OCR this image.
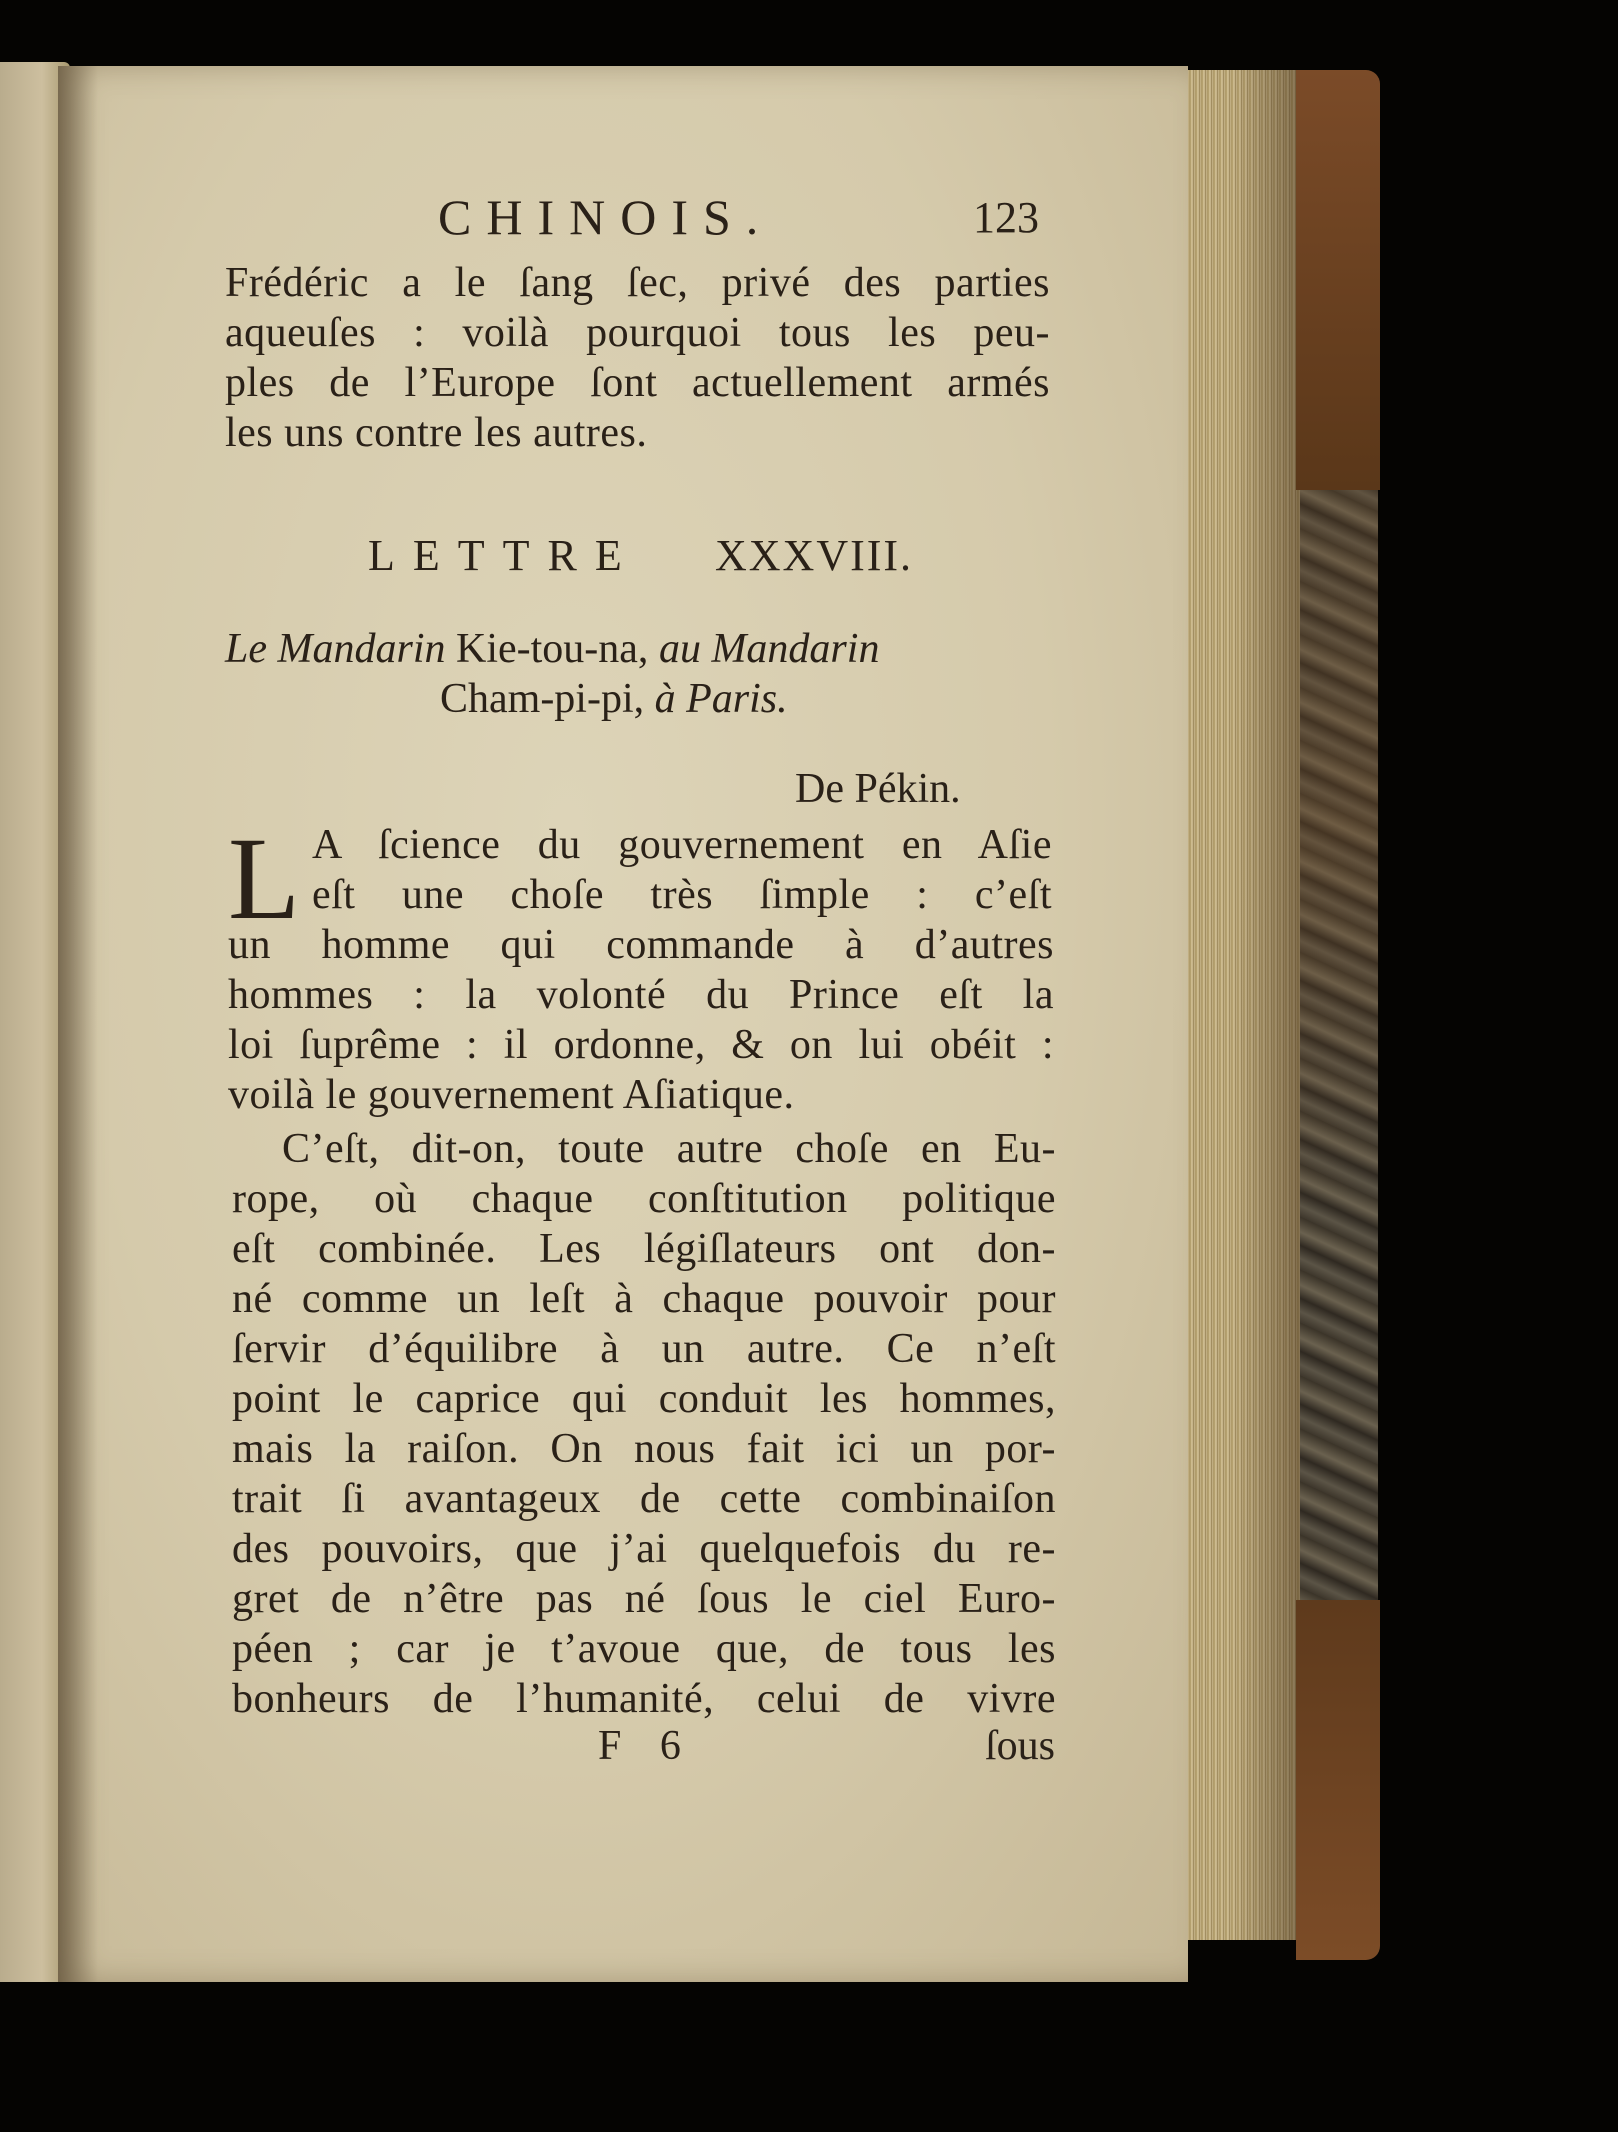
CHINOIS.	123
Frédéric a le ſang ſec, privé des parties
aqueuſes : voilà pourquoi tous les peu-
ples de l’Europe ſont actuellement armés
les uns contre les autres.
LETTRE XXXVIII.
Le Mandarin Kie-tou-na, au Mandarin
Cham-pi-pi, à Paris.
De Pékin.
L A ſcience du gouvernement en Aſie
eſt une choſe très ſimple : c’eſt
un homme qui commande à d’autres
hommes : la volonté du Prince eſt la
loi ſuprême : il ordonne, & on lui obéit :
voilà le gouvernement Aſiatique.
C’eſt, dit-on, toute autre choſe en Eu-
rope, où chaque conſtitution politique
eſt combinée. Les légiſlateurs ont don-
né comme un leſt à chaque pouvoir pour
ſervir d’équilibre à un autre. Ce n’eſt
point le caprice qui conduit les hommes,
mais la raiſon. On nous fait ici un por-
trait ſi avantageux de cette combinaiſon
des pouvoirs, que j’ai quelquefois du re-
gret de n’être pas né ſous le ciel Euro-
péen ; car je t’avoue que, de tous les
bonheurs de l’humanité, celui de vivre
F 6	ſous
